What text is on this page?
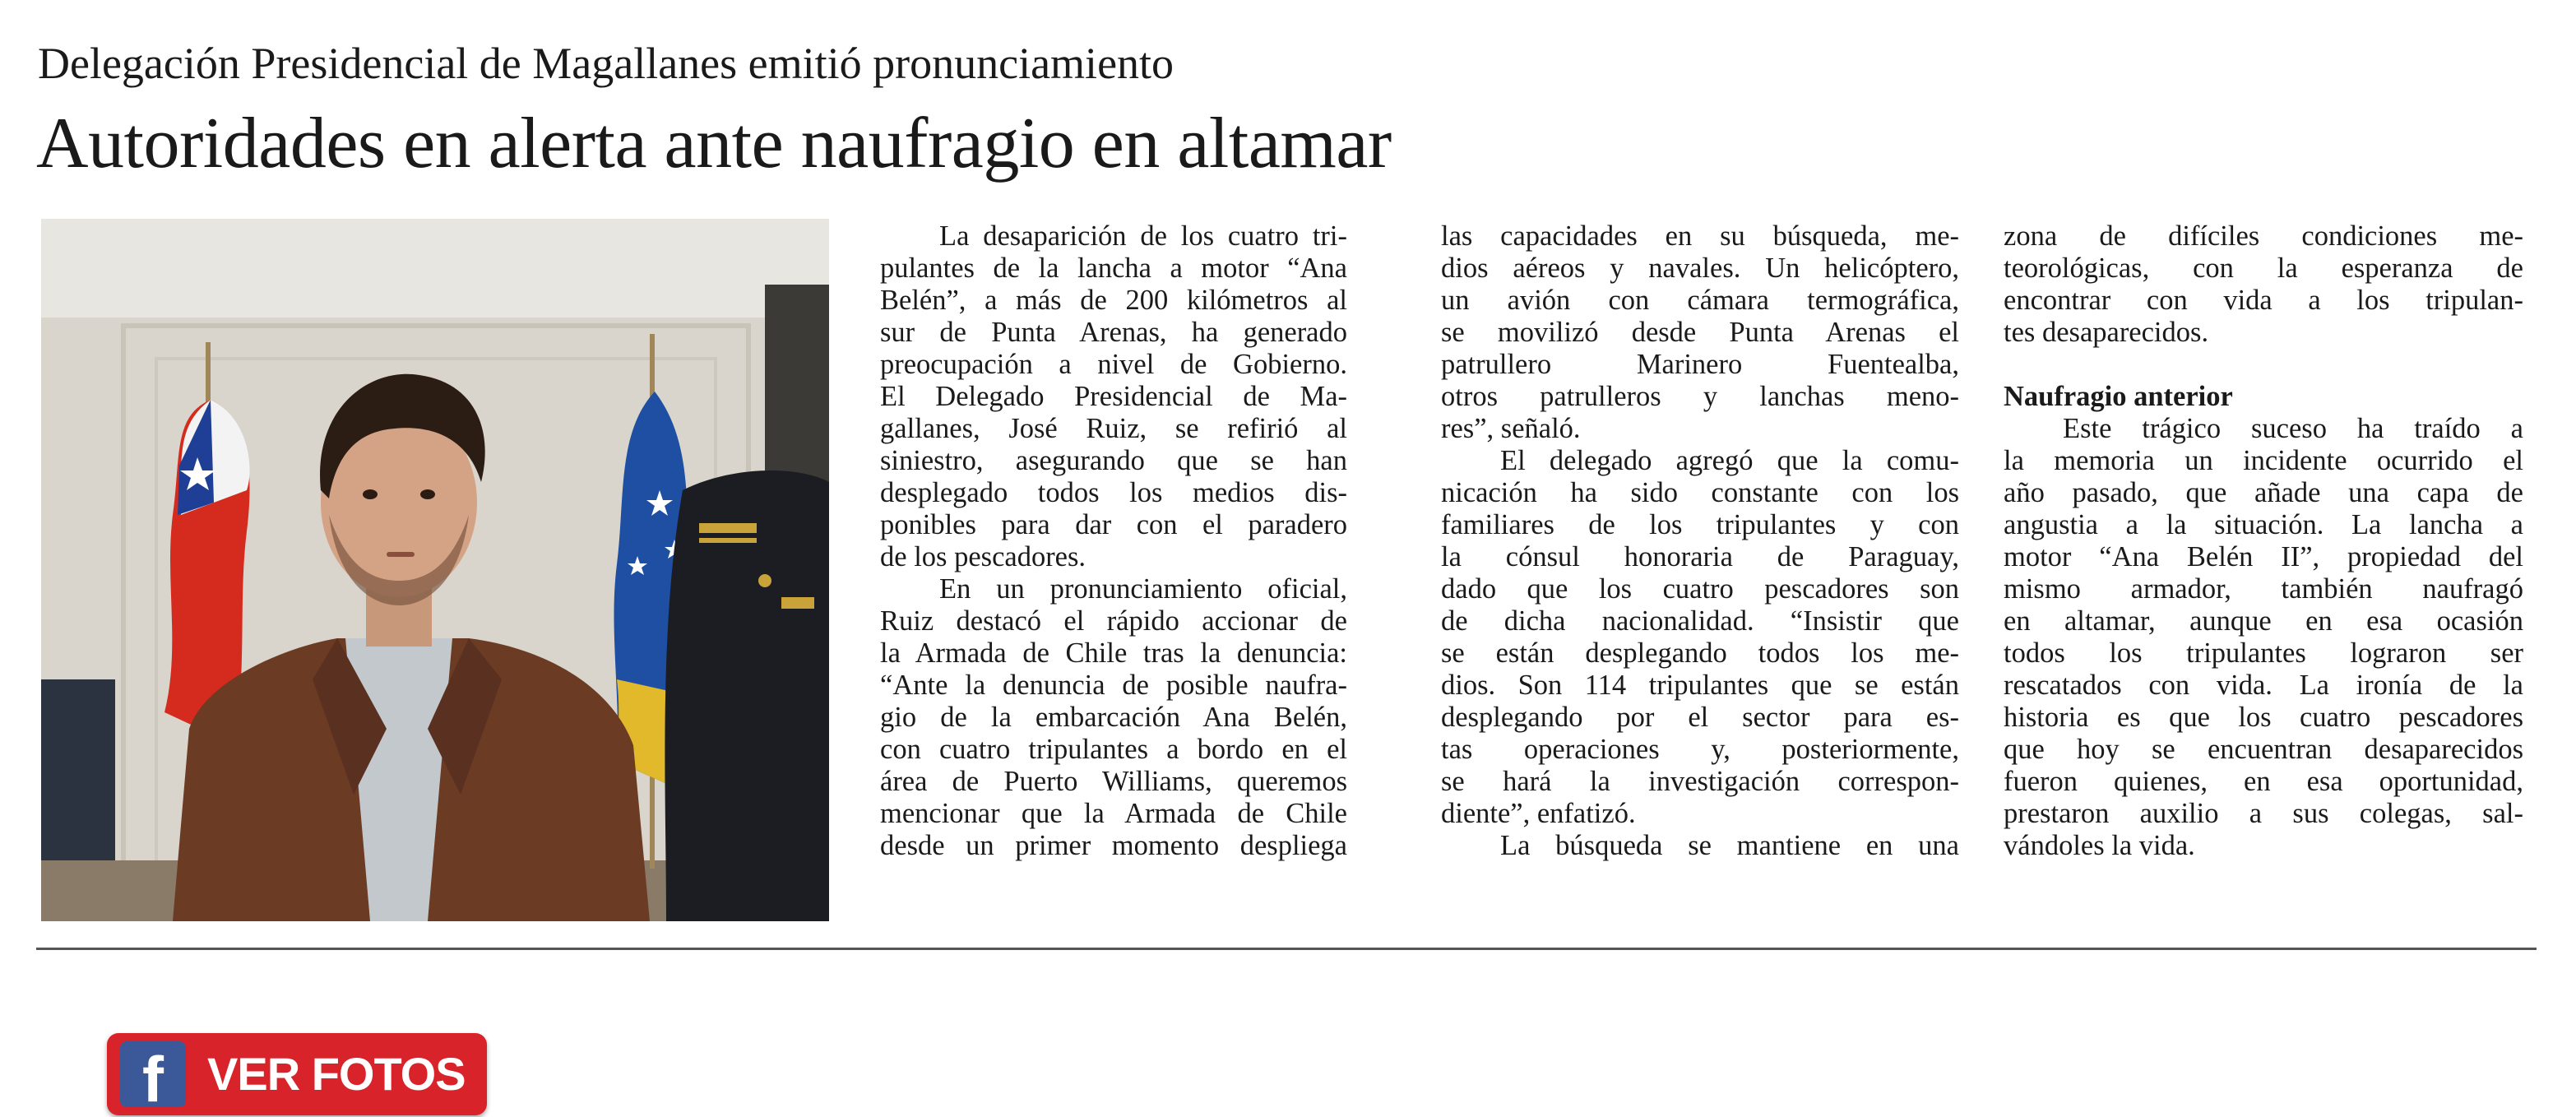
Delegación Presidencial de Magallanes emitió pronunciamiento
Autoridades en alerta ante naufragio en altamar
f VER FOTOS
La desaparición de los cuatro tri-
pulantes de la lancha a motor “Ana
Belén”, a más de 200 kilómetros al
sur de Punta Arenas, ha generado
preocupación a nivel de Gobierno.
El Delegado Presidencial de Ma-
gallanes, José Ruiz, se refirió al
siniestro, asegurando que se han
desplegado todos los medios dis-
ponibles para dar con el paradero
de los pescadores.
En un pronunciamiento oficial,
Ruiz destacó el rápido accionar de
la Armada de Chile tras la denuncia:
“Ante la denuncia de posible naufra-
gio de la embarcación Ana Belén,
con cuatro tripulantes a bordo en el
área de Puerto Williams, queremos
mencionar que la Armada de Chile
desde un primer momento despliega
las capacidades en su búsqueda, me-
dios aéreos y navales. Un helicóptero,
un avión con cámara termográfica,
se movilizó desde Punta Arenas el
patrullero Marinero Fuentealba,
otros patrulleros y lanchas meno-
res”, señaló.
El delegado agregó que la comu-
nicación ha sido constante con los
familiares de los tripulantes y con
la cónsul honoraria de Paraguay,
dado que los cuatro pescadores son
de dicha nacionalidad. “Insistir que
se están desplegando todos los me-
dios. Son 114 tripulantes que se están
desplegando por el sector para es-
tas operaciones y, posteriormente,
se hará la investigación correspon-
diente”, enfatizó.
La búsqueda se mantiene en una
zona de difíciles condiciones me-
teorológicas, con la esperanza de
encontrar con vida a los tripulan-
tes desaparecidos.
Naufragio anterior
Este trágico suceso ha traído a
la memoria un incidente ocurrido el
año pasado, que añade una capa de
angustia a la situación. La lancha a
motor “Ana Belén II”, propiedad del
mismo armador, también naufragó
en altamar, aunque en esa ocasión
todos los tripulantes lograron ser
rescatados con vida. La ironía de la
historia es que los cuatro pescadores
que hoy se encuentran desaparecidos
fueron quienes, en esa oportunidad,
prestaron auxilio a sus colegas, sal-
vándoles la vida.
